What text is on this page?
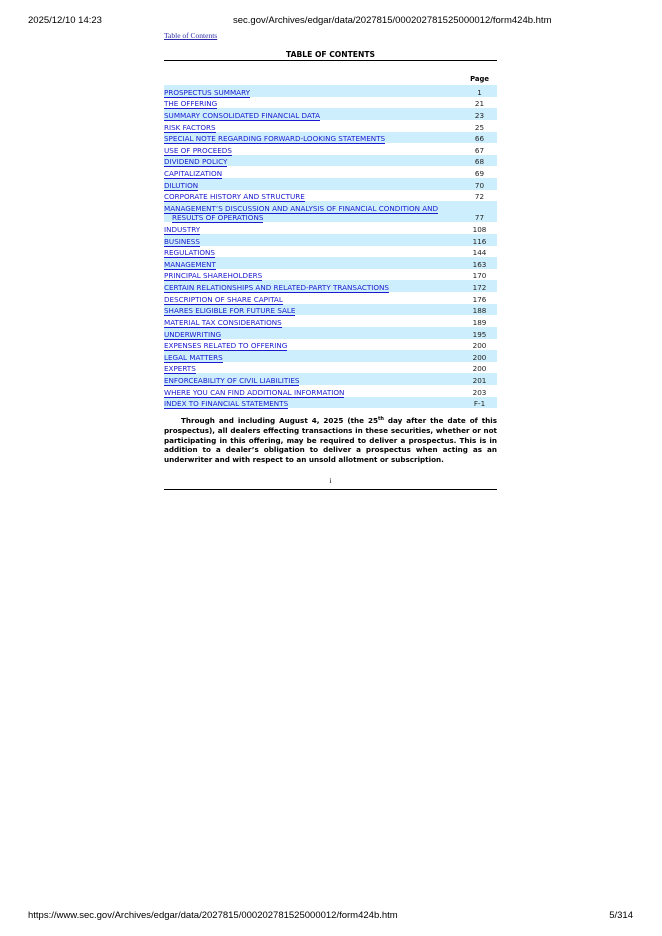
2025/12/10 14:23	sec.gov/Archives/edgar/data/2027815/000202781525000012/form424b.htm
Table of Contents
TABLE OF CONTENTS
Page
PROSPECTUS SUMMARY	1
THE OFFERING	21
SUMMARY CONSOLIDATED FINANCIAL DATA	23
RISK FACTORS	25
SPECIAL NOTE REGARDING FORWARD-LOOKING STATEMENTS	66
USE OF PROCEEDS	67
DIVIDEND POLICY	68
CAPITALIZATION	69
DILUTION	70
CORPORATE HISTORY AND STRUCTURE	72
MANAGEMENT’S DISCUSSION AND ANALYSIS OF FINANCIAL CONDITION AND
RESULTS OF OPERATIONS	77
INDUSTRY	108
BUSINESS	116
REGULATIONS	144
MANAGEMENT	163
PRINCIPAL SHAREHOLDERS	170
CERTAIN RELATIONSHIPS AND RELATED-PARTY TRANSACTIONS	172
DESCRIPTION OF SHARE CAPITAL	176
SHARES ELIGIBLE FOR FUTURE SALE	188
MATERIAL TAX CONSIDERATIONS	189
UNDERWRITING	195
EXPENSES RELATED TO OFFERING	200
LEGAL MATTERS	200
EXPERTS	200
ENFORCEABILITY OF CIVIL LIABILITIES	201
WHERE YOU CAN FIND ADDITIONAL INFORMATION	203
INDEX TO FINANCIAL STATEMENTS	F-1
Through and including August 4, 2025 (the 25th day after the date of this prospectus), all dealers effecting transactions in these securities, whether or not participating in this offering, may be required to deliver a prospectus. This is in addition to a dealer’s obligation to deliver a prospectus when acting as an underwriter and with respect to an unsold allotment or subscription.
i
https://www.sec.gov/Archives/edgar/data/2027815/000202781525000012/form424b.htm	5/314
